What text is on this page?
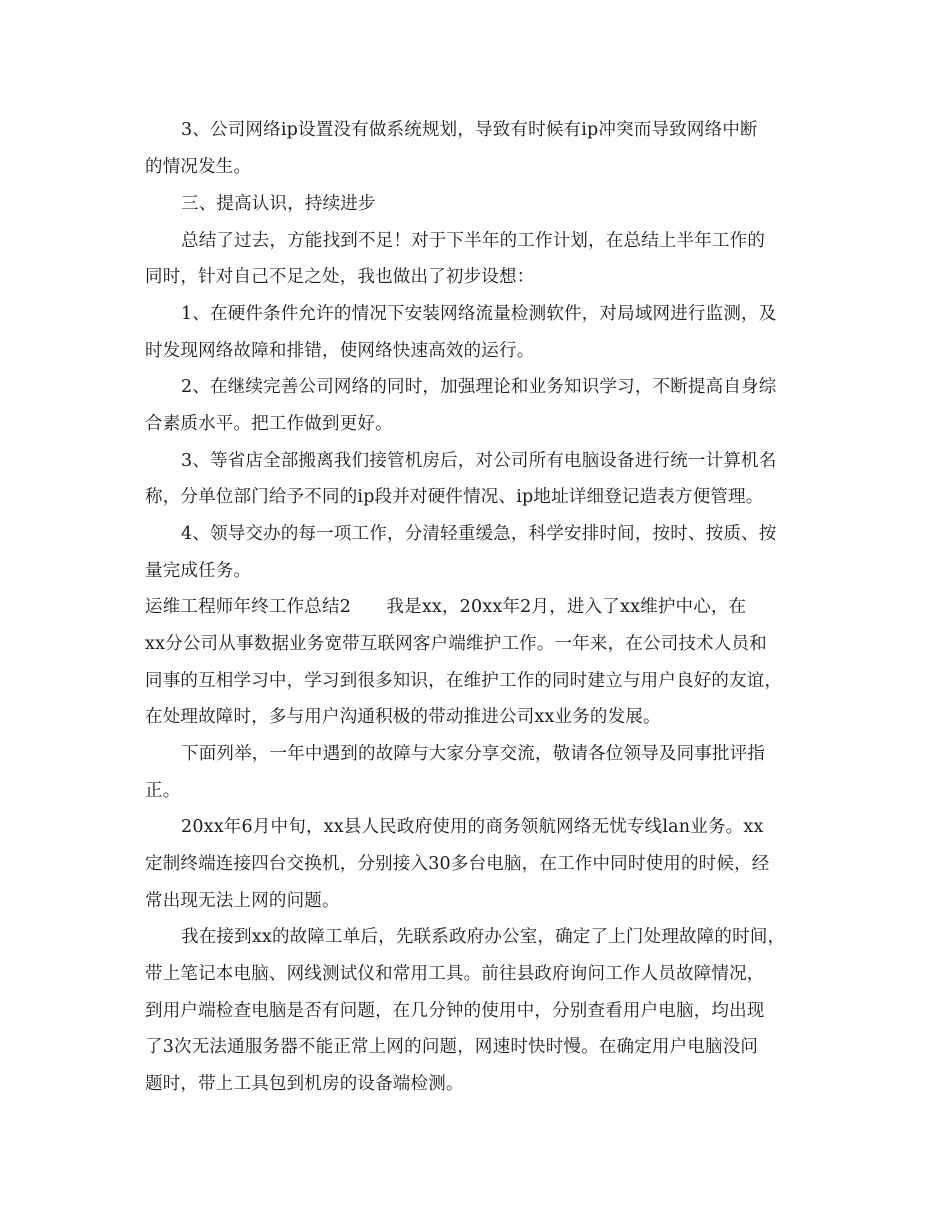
3、公司网络ip设置没有做系统规划，导致有时候有ip冲突而导致网络中断
的情况发生。
三、提高认识，持续进步
总结了过去，方能找到不足！对于下半年的工作计划，在总结上半年工作的
同时，针对自己不足之处，我也做出了初步设想：
1、在硬件条件允许的情况下安装网络流量检测软件，对局域网进行监测，及
时发现网络故障和排错，使网络快速高效的运行。
2、在继续完善公司网络的同时，加强理论和业务知识学习，不断提高自身综
合素质水平。把工作做到更好。
3、等省店全部搬离我们接管机房后，对公司所有电脑设备进行统一计算机名
称，分单位部门给予不同的ip段并对硬件情况、ip地址详细登记造表方便管理。
4、领导交办的每一项工作，分清轻重缓急，科学安排时间，按时、按质、按
量完成任务。
运维工程师年终工作总结2　　我是xx，20xx年2月，进入了xx维护中心，在
xx分公司从事数据业务宽带互联网客户端维护工作。一年来，在公司技术人员和
同事的互相学习中，学习到很多知识，在维护工作的同时建立与用户良好的友谊，
在处理故障时，多与用户沟通积极的带动推进公司xx业务的发展。
下面列举，一年中遇到的故障与大家分享交流，敬请各位领导及同事批评指
正。
20xx年6月中旬，xx县人民政府使用的商务领航网络无忧专线lan业务。xx
定制终端连接四台交换机，分别接入30多台电脑，在工作中同时使用的时候，经
常出现无法上网的问题。
我在接到xx的故障工单后，先联系政府办公室，确定了上门处理故障的时间，
带上笔记本电脑、网线测试仪和常用工具。前往县政府询问工作人员故障情况，
到用户端检查电脑是否有问题，在几分钟的使用中，分别查看用户电脑，均出现
了3次无法通服务器不能正常上网的问题，网速时快时慢。在确定用户电脑没问
题时，带上工具包到机房的设备端检测。
